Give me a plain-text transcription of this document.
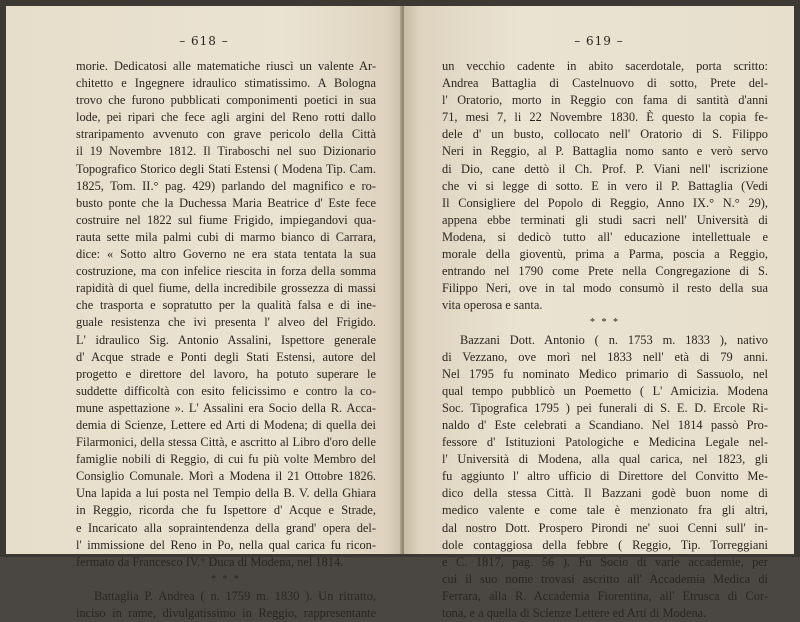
– 618 –
morie. Dedicatosi alle matematiche riuscì un valente Ar-
chitetto e Ingegnere idraulico stimatissimo. A Bologna
trovo che furono pubblicati componimenti poetici in sua
lode, pei ripari che fece agli argini del Reno rotti dallo
straripamento avvenuto con grave pericolo della Città
il 19 Novembre 1812. Il Tiraboschi nel suo Dizionario
Topografico Storico degli Stati Estensi ( Modena Tip. Cam.
1825, Tom. II.° pag. 429) parlando del magnifico e ro-
busto ponte che la Duchessa Maria Beatrice d' Este fece
costruire nel 1822 sul fiume Frigido, impiegandovi qua-
rauta sette mila palmi cubi di marmo bianco di Carrara,
dice: « Sotto altro Governo ne era stata tentata la sua
costruzione, ma con infelice riescita in forza della somma
rapidità di quel fiume, della incredibile grossezza di massi
che trasporta e sopratutto per la qualità falsa e di ine-
guale resistenza che ivi presenta l' alveo del Frigido.
L' idraulico Sig. Antonio Assalini, Ispettore generale
d' Acque strade e Ponti degli Stati Estensi, autore del
progetto e direttore del lavoro, ha potuto superare le
suddette difficoltà con esito felicissimo e contro la co-
mune aspettazione ». L' Assalini era Socio della R. Acca-
demia di Scienze, Lettere ed Arti di Modena; di quella dei
Filarmonici, della stessa Città, e ascritto al Libro d'oro delle
famiglie nobili di Reggio, di cui fu più volte Membro del
Consiglio Comunale. Morì a Modena il 21 Ottobre 1826.
Una lapida a lui posta nel Tempio della B. V. della Ghiara
in Reggio, ricorda che fu Ispettore d' Acque e Strade,
e Incaricato alla sopraintendenza della grand' opera del-
l' immissione del Reno in Po, nella qual carica fu ricon-
fermato da Francesco IV.° Duca di Modena, nel 1814.
* * *
Battaglia P. Andrea ( n. 1759 m. 1830 ). Un ritratto,
inciso in rame, divulgatissimo in Reggio, rappresentante
– 619 –
un vecchio cadente in abito sacerdotale, porta scritto:
Andrea Battaglia di Castelnuovo di sotto, Prete del-
l' Oratorio, morto in Reggio con fama di santità d'anni
71, mesi 7, li 22 Novembre 1830. È questo la copia fe-
dele d' un busto, collocato nell' Oratorio di S. Filippo
Neri in Reggio, al P. Battaglia nomo santo e verò servo
di Dio, cane dettò il Ch. Prof. P. Viani nell' iscrizione
che vi si legge di sotto. E in vero il P. Battaglia (Vedi
Il Consigliere del Popolo di Reggio, Anno IX.° N.° 29),
appena ebbe terminati gli studi sacri nell' Università di
Modena, si dedicò tutto all' educazione intellettuale e
morale della gioventù, prima a Parma, poscia a Reggio,
entrando nel 1790 come Prete nella Congregazione di S.
Filippo Neri, ove in tal modo consumò il resto della sua
vita operosa e santa.
* * *
Bazzani Dott. Antonio ( n. 1753 m. 1833 ), nativo
di Vezzano, ove morì nel 1833 nell' età di 79 anni.
Nel 1795 fu nominato Medico primario di Sassuolo, nel
qual tempo pubblicò un Poemetto ( L' Amicizia. Modena
Soc. Tipografica 1795 ) pei funerali di S. E. D. Ercole Ri-
naldo d' Este celebrati a Scandiano. Nel 1814 passò Pro-
fessore d' Istituzioni Patologiche e Medicina Legale nel-
l' Università di Modena, alla qual carica, nel 1823, gli
fu aggiunto l' altro ufficio di Direttore del Convitto Me-
dico della stessa Città. Il Bazzani godè buon nome di
medico valente e come tale è menzionato fra gli altri,
dal nostro Dott. Prospero Pirondi ne' suoi Cenni sull' in-
dole contaggiosa della febbre ( Reggio, Tip. Torreggiani
e C. 1817, pag. 56 ). Fu Socio di varie accademie, per
cui il suo nome trovasi ascritto all' Accademia Medica di
Ferrara, alla R. Accademia Fiorentina, all' Etrusca di Cor-
tona, e a quella di Scienze Lettere ed Arti di Modena.
